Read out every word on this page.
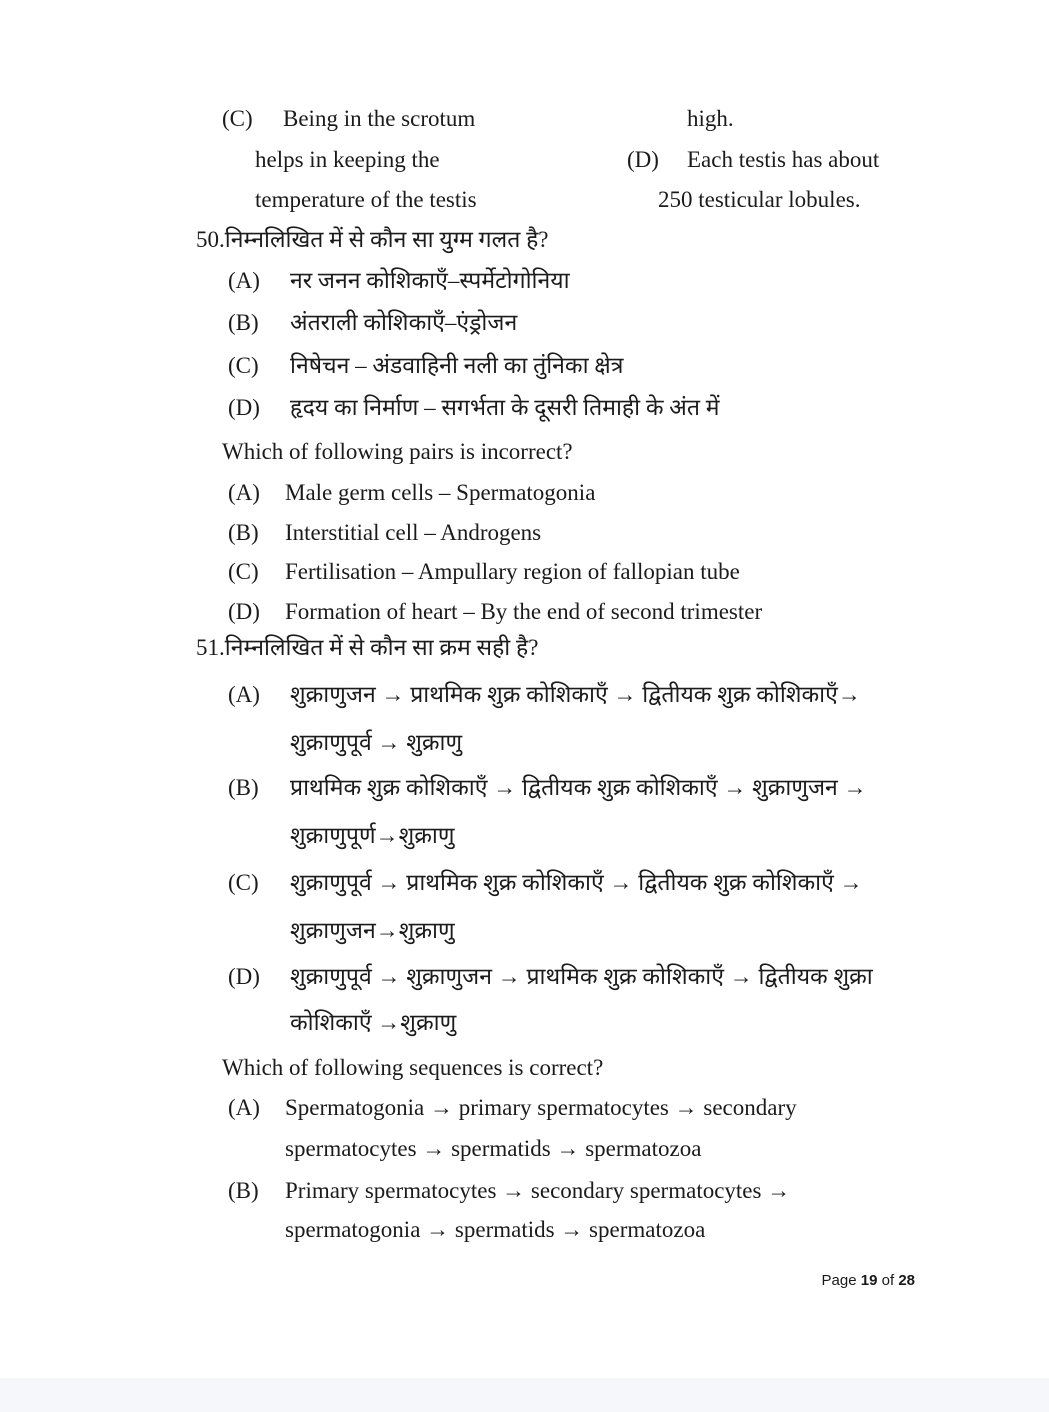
(C) Being in the scrotum
helps in keeping the
temperature of the testis
high.
(D) Each testis has about
250 testicular lobules.
50.निम्नलिखित में से कौन सा युग्म गलत है?
(A) नर जनन कोशिकाएँ–स्पर्मेटोगोनिया
(B) अंतराली कोशिकाएँ–एंड्रोजन
(C) निषेचन – अंडवाहिनी नली का तुंनिका क्षेत्र
(D) हृदय का निर्माण – सगर्भता के दूसरी तिमाही के अंत में
Which of following pairs is incorrect?
(A) Male germ cells – Spermatogonia
(B) Interstitial cell – Androgens
(C) Fertilisation – Ampullary region of fallopian tube
(D) Formation of heart – By the end of second trimester
51.निम्नलिखित में से कौन सा क्रम सही है?
(A) शुक्राणुजन → प्राथमिक शुक्र कोशिकाएँ → द्वितीयक शुक्र कोशिकाएँ→
शुक्राणुपूर्व → शुक्राणु
(B) प्राथमिक शुक्र कोशिकाएँ → द्वितीयक शुक्र कोशिकाएँ → शुक्राणुजन →
शुक्राणुपूर्ण→शुक्राणु
(C) शुक्राणुपूर्व → प्राथमिक शुक्र कोशिकाएँ → द्वितीयक शुक्र कोशिकाएँ →
शुक्राणुजन→शुक्राणु
(D) शुक्राणुपूर्व → शुक्राणुजन → प्राथमिक शुक्र कोशिकाएँ → द्वितीयक शुक्रा
कोशिकाएँ →शुक्राणु
Which of following sequences is correct?
(A) Spermatogonia → primary spermatocytes → secondary
spermatocytes → spermatids → spermatozoa
(B) Primary spermatocytes → secondary spermatocytes →
spermatogonia → spermatids → spermatozoa
Page 19 of 28
